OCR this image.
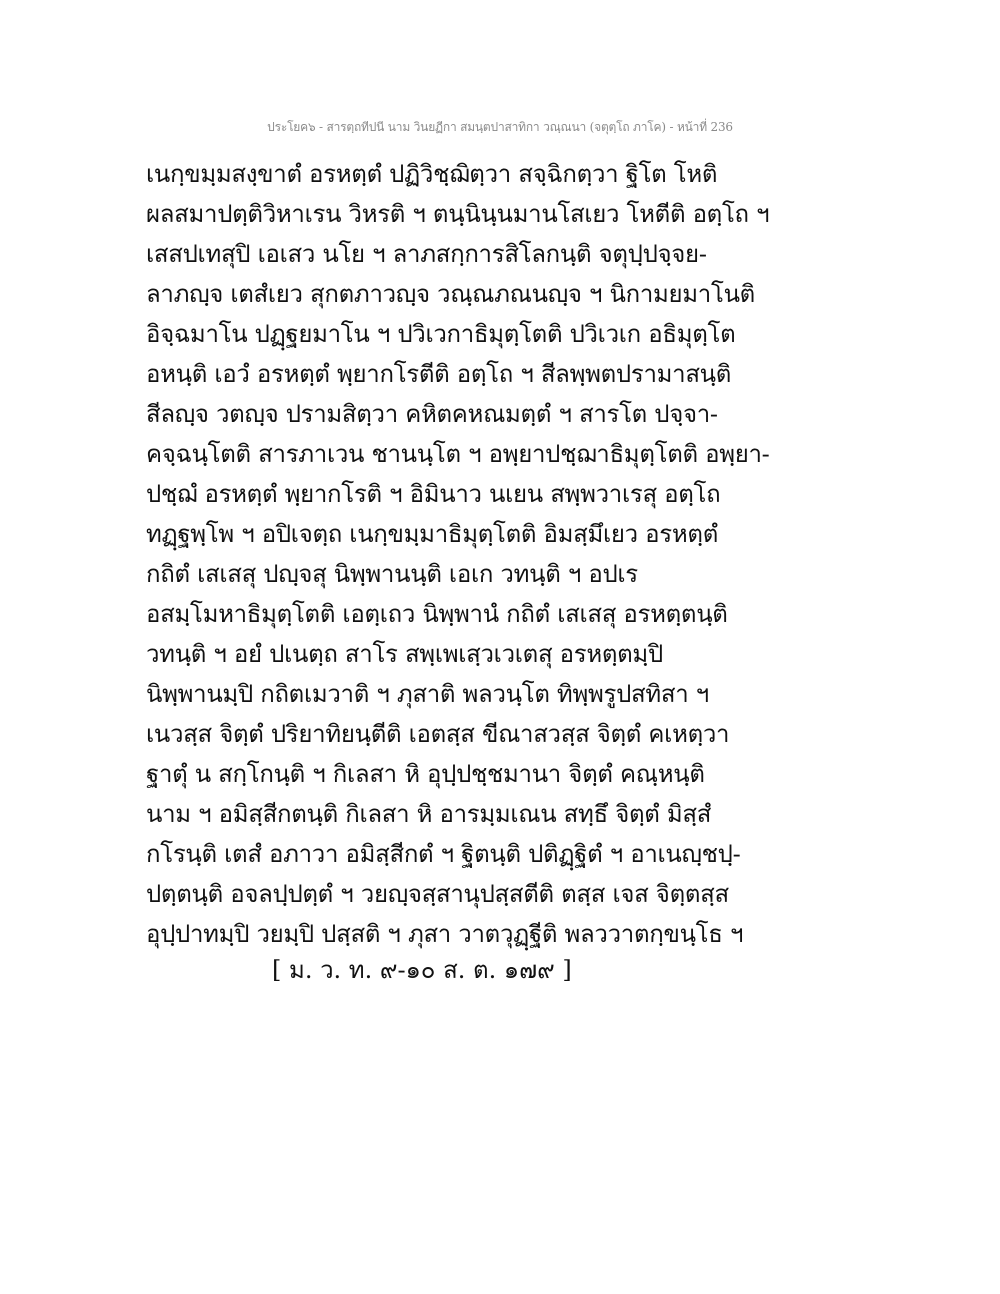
ประโยค๖ - สารตฺถทีปนี นาม วินยฏีกา สมนฺตปาสาทิกา วณฺณนา (จตุตฺโถ ภาโค) - หน้าที่ 236
เนกฺขมฺมสงฺขาตํ อรหตฺตํ ปฏิวิชฺฌิตฺวา สจฺฉิกตฺวา ฐิโต โหติ
ผลสมาปตฺติวิหาเรน วิหรติ ฯ ตนฺนินฺนมานโสเยว โหตีติ อตฺโถ ฯ
เสสปเทสุปิ เอเสว นโย ฯ ลาภสกฺการสิโลกนฺติ จตุปฺปจฺจย-
ลาภญฺจ เตสํเยว สุกตภาวญฺจ วณฺณภณนญฺจ ฯ นิกามยมาโนติ
อิจฺฉมาโน ปฏฺฐยมาโน ฯ ปวิเวกาธิมุตฺโตติ ปวิเวเก อธิมุตฺโต
อหนฺติ เอวํ อรหตฺตํ พฺยากโรตีติ อตฺโถ ฯ สีลพฺพตปรามาสนฺติ
สีลญฺจ วตญฺจ ปรามสิตฺวา คหิตคหณมตฺตํ ฯ สารโต ปจฺจา-
คจฺฉนฺโตติ สารภาเวน ชานนฺโต ฯ อพฺยาปชฺฌาธิมุตฺโตติ อพฺยา-
ปชฺฌํ อรหตฺตํ พฺยากโรติ ฯ อิมินาว นเยน สพฺพวาเรสุ อตฺโถ
ทฏฺฐพฺโพ ฯ อปิเจตฺถ เนกฺขมฺมาธิมุตฺโตติ อิมสฺมึเยว อรหตฺตํ
กถิตํ เสเสสุ ปญฺจสุ นิพฺพานนฺติ เอเก วทนฺติ ฯ อปเร
อสมฺโมหาธิมุตฺโตติ เอตฺเถว นิพฺพานํ กถิตํ เสเสสุ อรหตฺตนฺติ
วทนฺติ ฯ อยํ ปเนตฺถ สาโร สพฺเพเสฺวเวเตสุ อรหตฺตมฺปิ
นิพฺพานมฺปิ กถิตเมวาติ ฯ ภุสาติ พลวนฺโต ทิพฺพรูปสทิสา ฯ
เนวสฺส จิตฺตํ ปริยาทิยนฺตีติ เอตสฺส ขีณาสวสฺส จิตฺตํ คเหตฺวา
ฐาตุํ น สกฺโกนฺติ ฯ กิเลสา หิ อุปฺปชฺชมานา จิตฺตํ คณฺหนฺติ
นาม ฯ อมิสฺสีกตนฺติ กิเลสา หิ อารมฺมเณน สทฺธึ จิตฺตํ มิสฺสํ
กโรนฺติ เตสํ อภาวา อมิสฺสีกตํ ฯ ฐิตนฺติ ปติฏฺฐิตํ ฯ อาเนญฺชปฺ-
ปตฺตนฺติ อจลปฺปตฺตํ ฯ วยญฺจสฺสานุปสฺสตีติ ตสฺส เจส จิตฺตสฺส
อุปฺปาทมฺปิ วยมฺปิ ปสฺสติ ฯ ภุสา วาตวุฏฺฐีติ พลววาตกฺขนฺโธ ฯ
[ ม. ว. ท. ๙-๑๐ ส. ต. ๑๗๙ ]
